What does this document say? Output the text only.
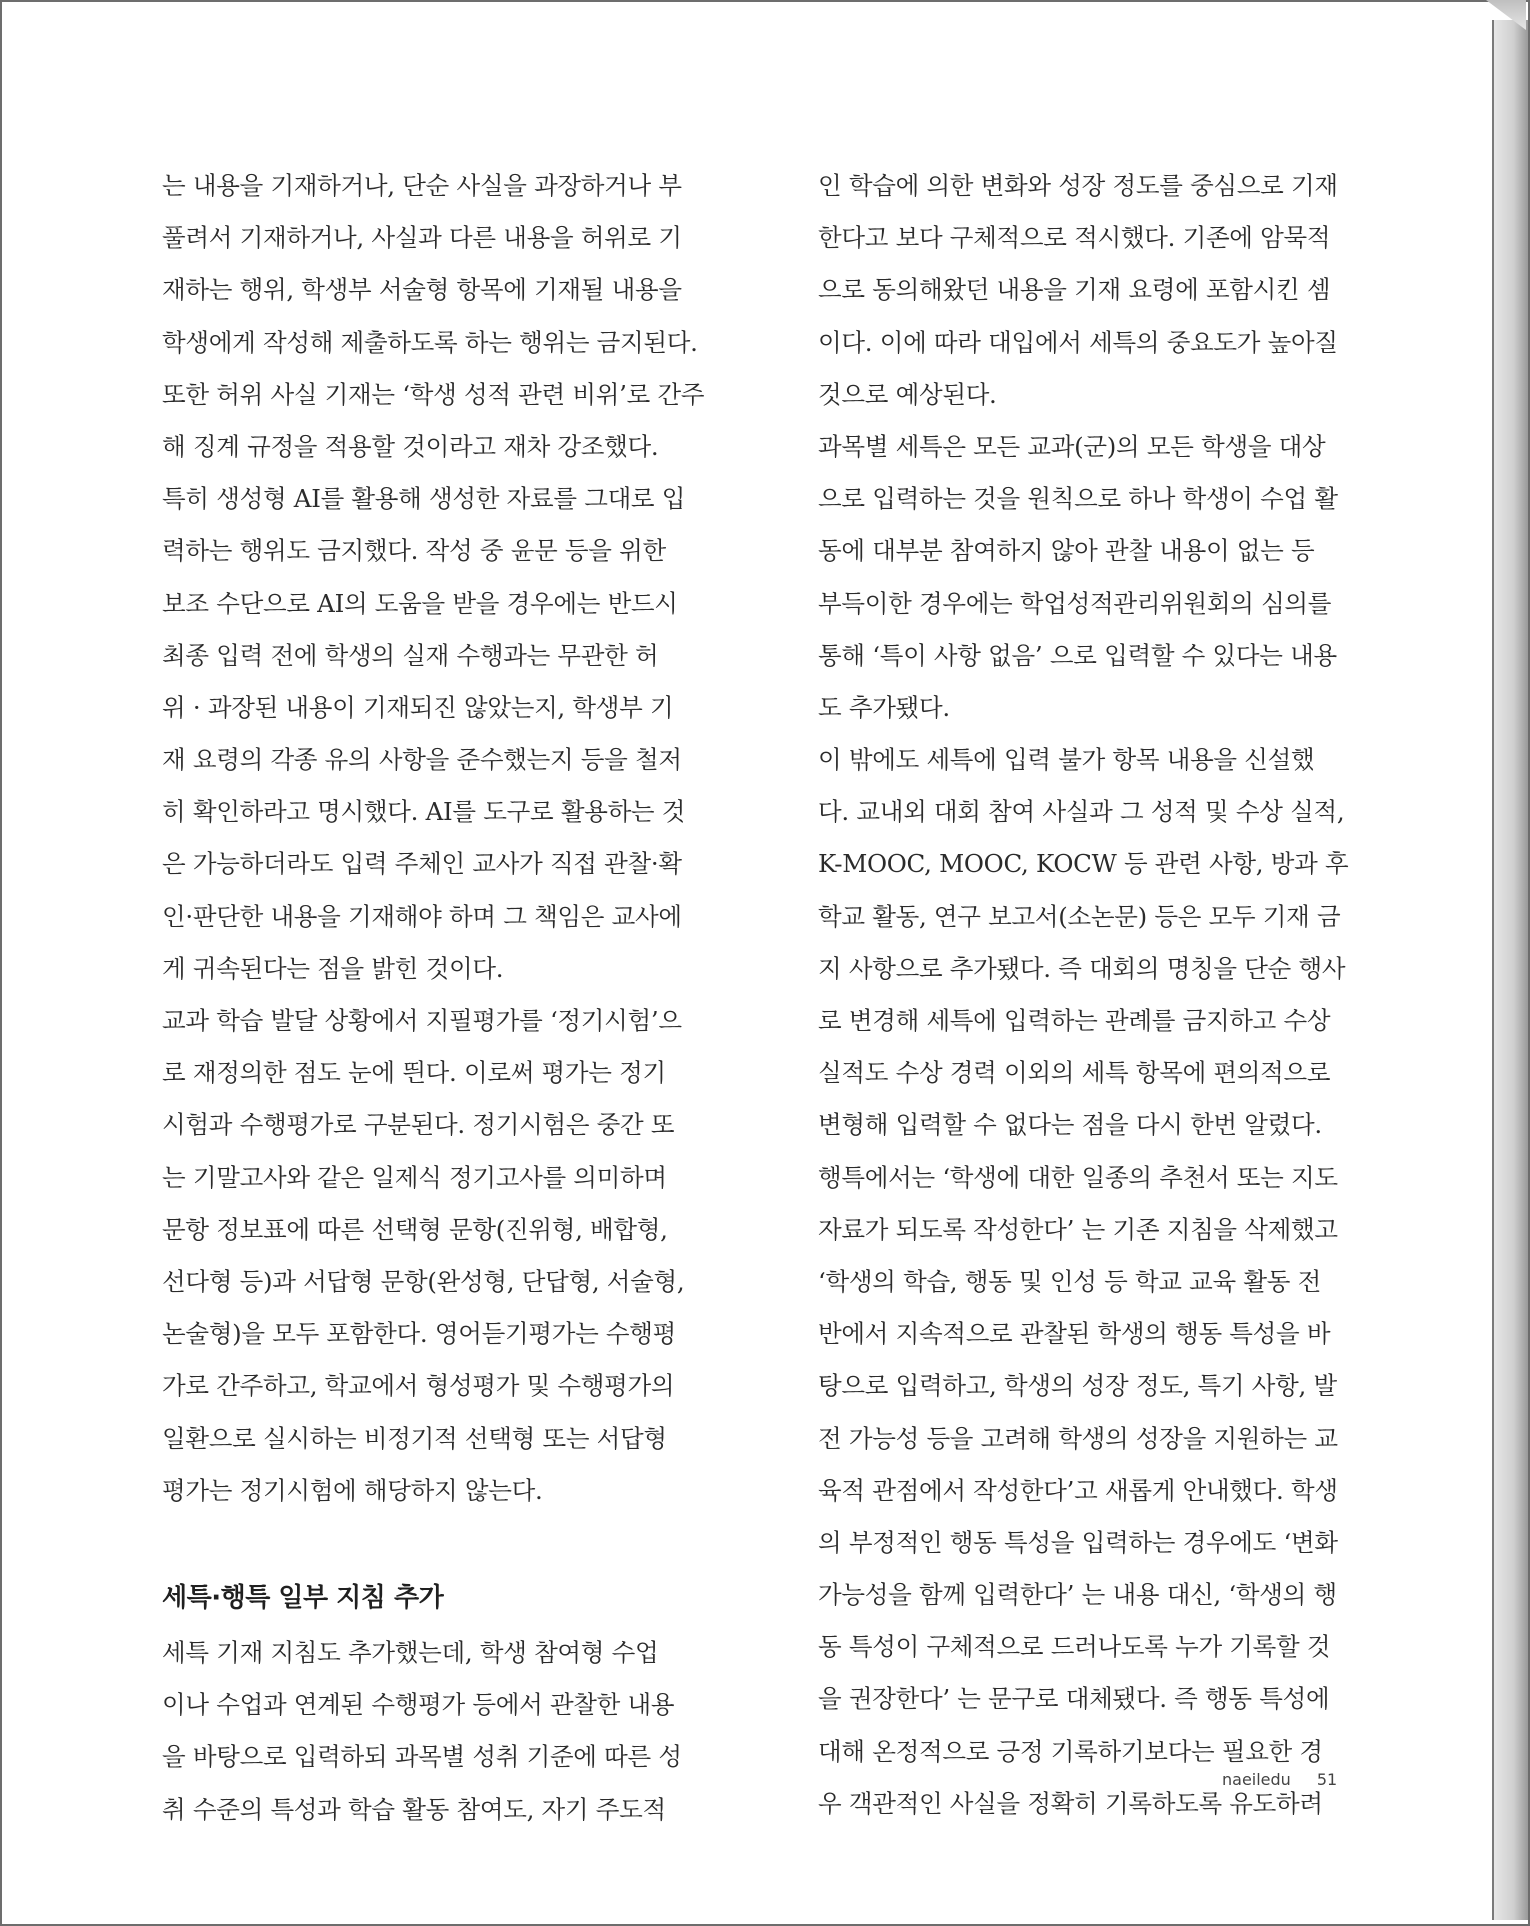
는 내용을 기재하거나, 단순 사실을 과장하거나 부
풀려서 기재하거나, 사실과 다른 내용을 허위로 기
재하는 행위, 학생부 서술형 항목에 기재될 내용을
학생에게 작성해 제출하도록 하는 행위는 금지된다.
또한 허위 사실 기재는 ‘학생 성적 관련 비위’로 간주
해 징계 규정을 적용할 것이라고 재차 강조했다.
특히 생성형 AI를 활용해 생성한 자료를 그대로 입
력하는 행위도 금지했다. 작성 중 윤문 등을 위한
보조 수단으로 AI의 도움을 받을 경우에는 반드시
최종 입력 전에 학생의 실재 수행과는 무관한 허
위 · 과장된 내용이 기재되진 않았는지, 학생부 기
재 요령의 각종 유의 사항을 준수했는지 등을 철저
히 확인하라고 명시했다. AI를 도구로 활용하는 것
은 가능하더라도 입력 주체인 교사가 직접 관찰·확
인·판단한 내용을 기재해야 하며 그 책임은 교사에
게 귀속된다는 점을 밝힌 것이다.
교과 학습 발달 상황에서 지필평가를 ‘정기시험’으
로 재정의한 점도 눈에 띈다. 이로써 평가는 정기
시험과 수행평가로 구분된다. 정기시험은 중간 또
는 기말고사와 같은 일제식 정기고사를 의미하며
문항 정보표에 따른 선택형 문항(진위형, 배합형,
선다형 등)과 서답형 문항(완성형, 단답형, 서술형,
논술형)을 모두 포함한다. 영어듣기평가는 수행평
가로 간주하고, 학교에서 형성평가 및 수행평가의
일환으로 실시하는 비정기적 선택형 또는 서답형
평가는 정기시험에 해당하지 않는다.
세특·행특 일부 지침 추가
세특 기재 지침도 추가했는데, 학생 참여형 수업
이나 수업과 연계된 수행평가 등에서 관찰한 내용
을 바탕으로 입력하되 과목별 성취 기준에 따른 성
취 수준의 특성과 학습 활동 참여도, 자기 주도적
인 학습에 의한 변화와 성장 정도를 중심으로 기재
한다고 보다 구체적으로 적시했다. 기존에 암묵적
으로 동의해왔던 내용을 기재 요령에 포함시킨 셈
이다. 이에 따라 대입에서 세특의 중요도가 높아질
것으로 예상된다.
과목별 세특은 모든 교과(군)의 모든 학생을 대상
으로 입력하는 것을 원칙으로 하나 학생이 수업 활
동에 대부분 참여하지 않아 관찰 내용이 없는 등
부득이한 경우에는 학업성적관리위원회의 심의를
통해 ‘특이 사항 없음’ 으로 입력할 수 있다는 내용
도 추가됐다.
이 밖에도 세특에 입력 불가 항목 내용을 신설했
다. 교내외 대회 참여 사실과 그 성적 및 수상 실적,
K-MOOC, MOOC, KOCW 등 관련 사항, 방과 후
학교 활동, 연구 보고서(소논문) 등은 모두 기재 금
지 사항으로 추가됐다. 즉 대회의 명칭을 단순 행사
로 변경해 세특에 입력하는 관례를 금지하고 수상
실적도 수상 경력 이외의 세특 항목에 편의적으로
변형해 입력할 수 없다는 점을 다시 한번 알렸다.
행특에서는 ‘학생에 대한 일종의 추천서 또는 지도
자료가 되도록 작성한다’ 는 기존 지침을 삭제했고
‘학생의 학습, 행동 및 인성 등 학교 교육 활동 전
반에서 지속적으로 관찰된 학생의 행동 특성을 바
탕으로 입력하고, 학생의 성장 정도, 특기 사항, 발
전 가능성 등을 고려해 학생의 성장을 지원하는 교
육적 관점에서 작성한다’고 새롭게 안내했다. 학생
의 부정적인 행동 특성을 입력하는 경우에도 ‘변화
가능성을 함께 입력한다’ 는 내용 대신, ‘학생의 행
동 특성이 구체적으로 드러나도록 누가 기록할 것
을 권장한다’ 는 문구로 대체됐다. 즉 행동 특성에
대해 온정적으로 긍정 기록하기보다는 필요한 경
우 객관적인 사실을 정확히 기록하도록 유도하려
naeiledu 51
